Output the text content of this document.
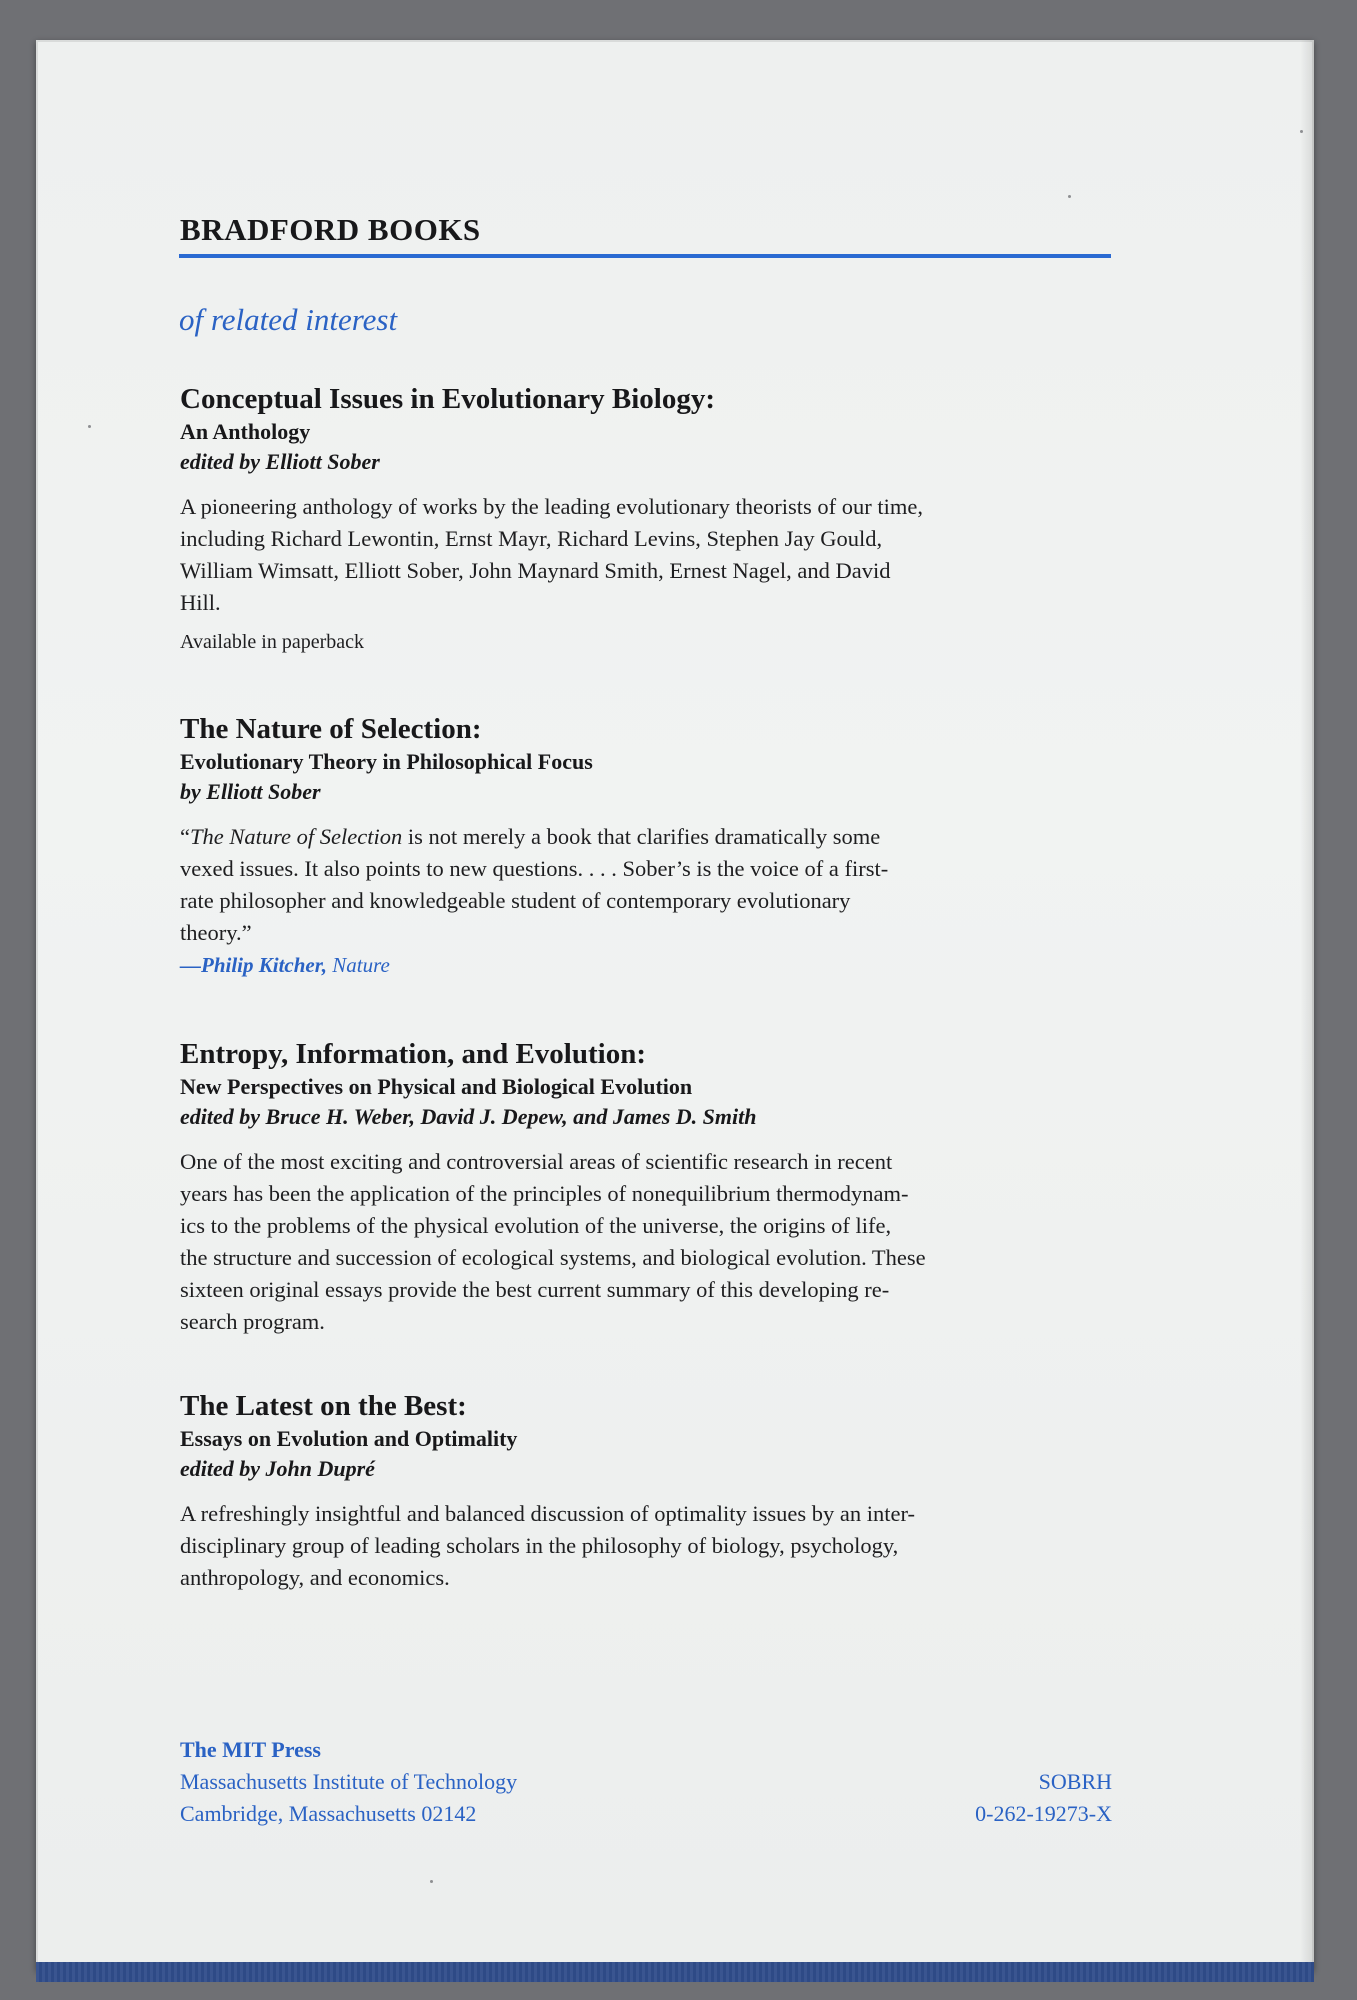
BRADFORD BOOKS
of related interest
Conceptual Issues in Evolutionary Biology:
An Anthology
edited by Elliott Sober
A pioneering anthology of works by the leading evolutionary theorists of our time,
including Richard Lewontin, Ernst Mayr, Richard Levins, Stephen Jay Gould,
William Wimsatt, Elliott Sober, John Maynard Smith, Ernest Nagel, and David
Hill.
Available in paperback
The Nature of Selection:
Evolutionary Theory in Philosophical Focus
by Elliott Sober
“The Nature of Selection is not merely a book that clarifies dramatically some
vexed issues. It also points to new questions. . . . Sober’s is the voice of a first-
rate philosopher and knowledgeable student of contemporary evolutionary
theory.”
—Philip Kitcher, Nature
Entropy, Information, and Evolution:
New Perspectives on Physical and Biological Evolution
edited by Bruce H. Weber, David J. Depew, and James D. Smith
One of the most exciting and controversial areas of scientific research in recent
years has been the application of the principles of nonequilibrium thermodynam-
ics to the problems of the physical evolution of the universe, the origins of life,
the structure and succession of ecological systems, and biological evolution. These
sixteen original essays provide the best current summary of this developing re-
search program.
The Latest on the Best:
Essays on Evolution and Optimality
edited by John Dupré
A refreshingly insightful and balanced discussion of optimality issues by an inter-
disciplinary group of leading scholars in the philosophy of biology, psychology,
anthropology, and economics.
The MIT Press
Massachusetts Institute of Technology
Cambridge, Massachusetts 02142
SOBRH
0-262-19273-X
